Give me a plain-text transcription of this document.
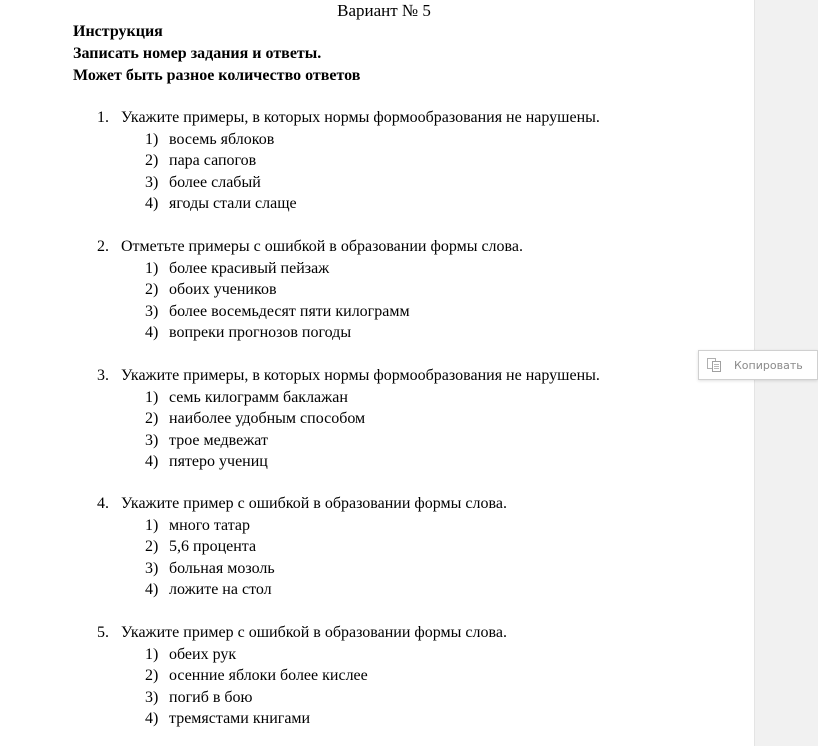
Вариант № 5
Инструкция
Записать номер задания и ответы.
Может быть разное количество ответов
1. Укажите примеры, в которых нормы формообразования не нарушены.
1) восемь яблоков
2) пара сапогов
3) более слабый
4) ягоды стали слаще
2. Отметьте примеры с ошибкой в образовании формы слова.
1) более красивый пейзаж
2) обоих учеников
3) более восемьдесят пяти килограмм
4) вопреки прогнозов погоды
3. Укажите примеры, в которых нормы формообразования не нарушены.
1) семь килограмм баклажан
2) наиболее удобным способом
3) трое медвежат
4) пятеро учениц
4. Укажите пример с ошибкой в образовании формы слова.
1) много татар
2) 5,6 процента
3) больная мозоль
4) ложите на стол
5. Укажите пример с ошибкой в образовании формы слова.
1) обеих рук
2) осенние яблоки более кислее
3) погиб в бою
4) тремястами книгами
Копировать
